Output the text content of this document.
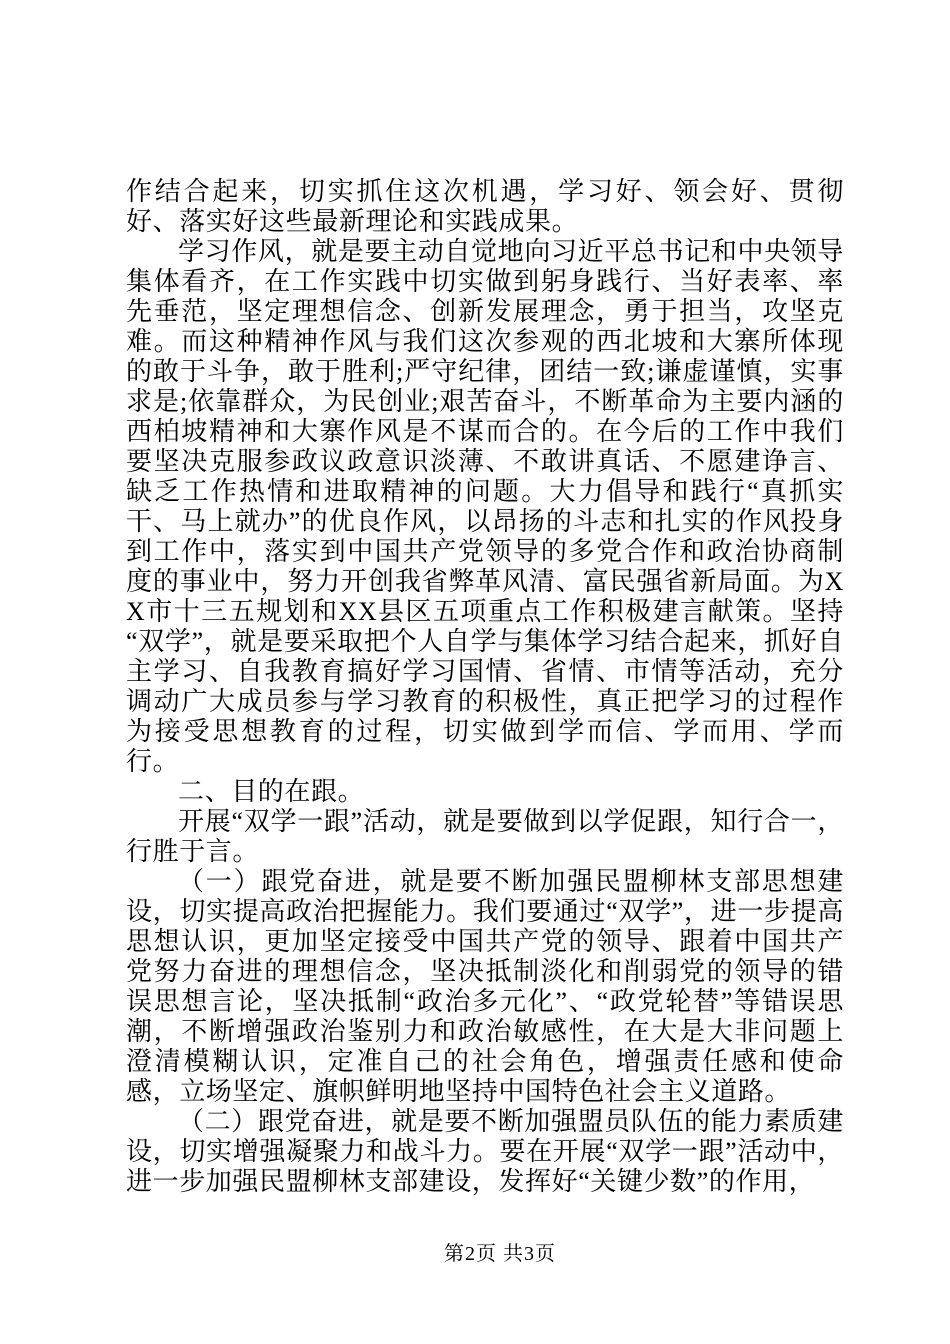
作结合起来，切实抓住这次机遇，学习好、领会好、贯彻好、落实好这些最新理论和实践成果。

学习作风，就是要主动自觉地向习近平总书记和中央领导集体看齐，在工作实践中切实做到躬身践行、当好表率、率先垂范，坚定理想信念、创新发展理念，勇于担当，攻坚克难。而这种精神作风与我们这次参观的西北坡和大寨所体现的敢于斗争，敢于胜利;严守纪律，团结一致;谦虚谨慎，实事求是;依靠群众，为民创业;艰苦奋斗，不断革命为主要内涵的西柏坡精神和大寨作风是不谋而合的。在今后的工作中我们要坚决克服参政议政意识淡薄、不敢讲真话、不愿建诤言、缺乏工作热情和进取精神的问题。大力倡导和践行“真抓实干、马上就办”的优良作风，以昂扬的斗志和扎实的作风投身到工作中，落实到中国共产党领导的多党合作和政治协商制度的事业中，努力开创我省弊革风清、富民强省新局面。为XX市十三五规划和XX县区五项重点工作积极建言献策。坚持“双学”，就是要采取把个人自学与集体学习结合起来，抓好自主学习、自我教育搞好学习国情、省情、市情等活动，充分调动广大成员参与学习教育的积极性，真正把学习的过程作为接受思想教育的过程，切实做到学而信、学而用、学而行。

二、目的在跟。

开展“双学一跟”活动，就是要做到以学促跟，知行合一，行胜于言。

（一）跟党奋进，就是要不断加强民盟柳林支部思想建设，切实提高政治把握能力。我们要通过“双学”，进一步提高思想认识，更加坚定接受中国共产党的领导、跟着中国共产党努力奋进的理想信念，坚决抵制淡化和削弱党的领导的错误思想言论，坚决抵制“政治多元化”、“政党轮替”等错误思潮，不断增强政治鉴别力和政治敏感性，在大是大非问题上澄清模糊认识，定准自己的社会角色，增强责任感和使命感，立场坚定、旗帜鲜明地坚持中国特色社会主义道路。

（二）跟党奋进，就是要不断加强盟员队伍的能力素质建设，切实增强凝聚力和战斗力。要在开展“双学一跟”活动中，进一步加强民盟柳林支部建设，发挥好“关键少数”的作用，

第2页 共3页
